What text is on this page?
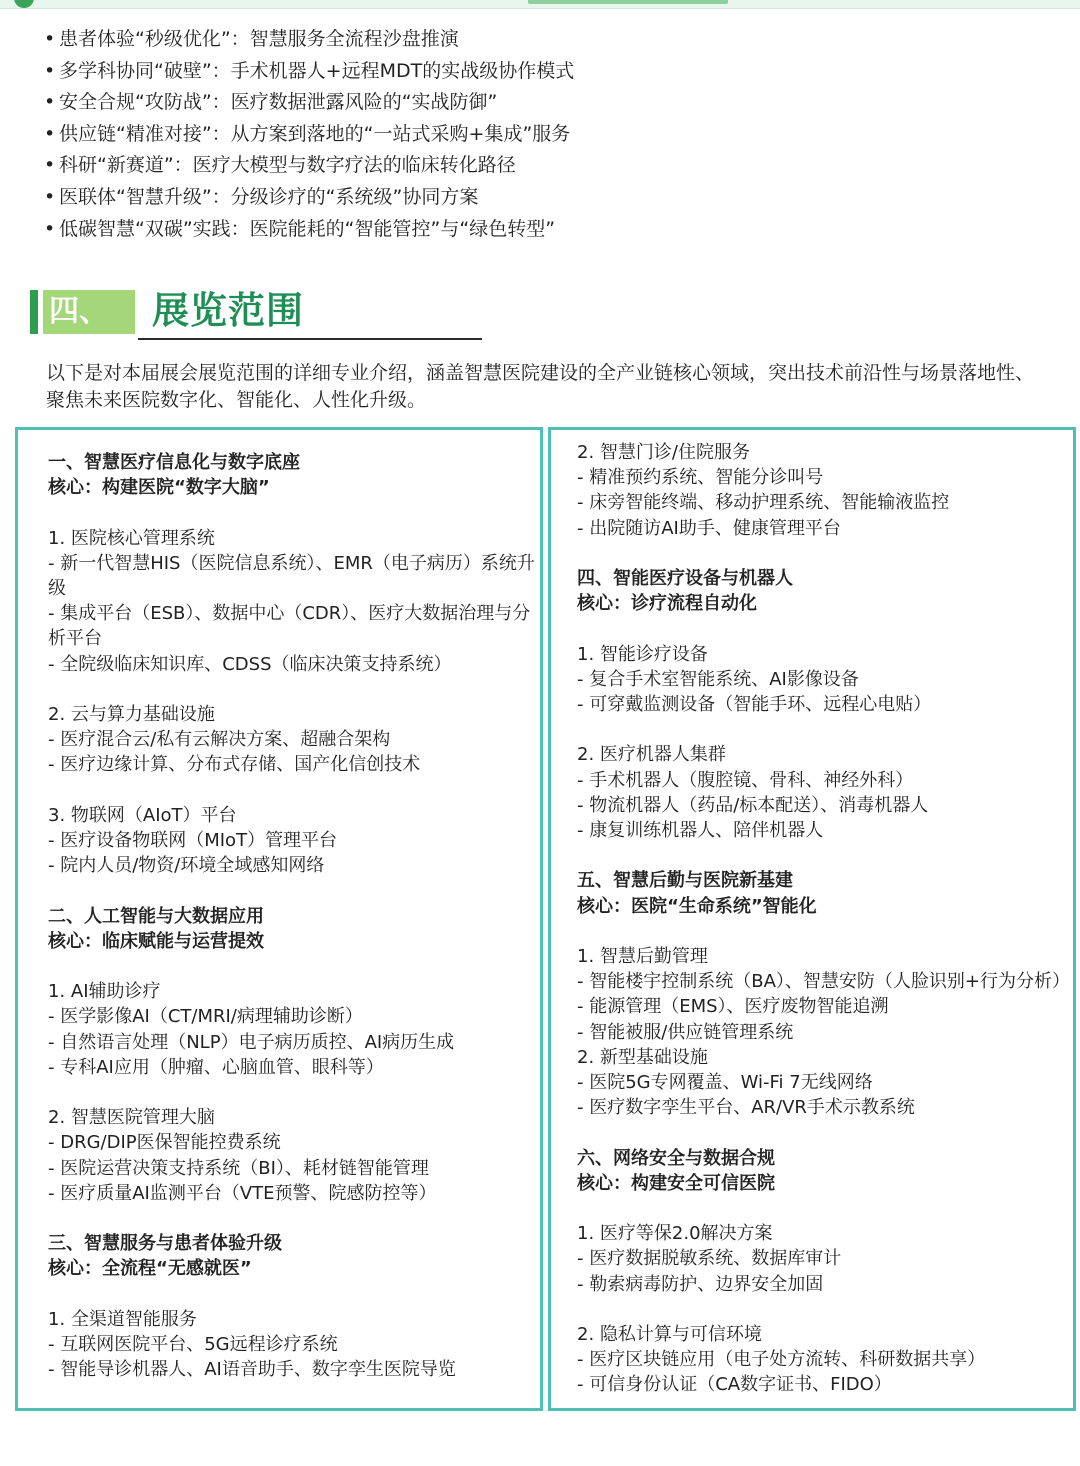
• 患者体验“秒级优化”：智慧服务全流程沙盘推演
• 多学科协同“破壁”：手术机器人+远程MDT的实战级协作模式
• 安全合规“攻防战”：医疗数据泄露风险的“实战防御”
• 供应链“精准对接”：从方案到落地的“一站式采购+集成”服务
• 科研“新赛道”：医疗大模型与数字疗法的临床转化路径
• 医联体“智慧升级”：分级诊疗的“系统级”协同方案
• 低碳智慧“双碳”实践：医院能耗的“智能管控”与“绿色转型”
四、	展览范围
以下是对本届展会展览范围的详细专业介绍，涵盖智慧医院建设的全产业链核心领域，突出技术前沿性与场景落地性、聚焦未来医院数字化、智能化、人性化升级。
一、智慧医疗信息化与数字底座
核心：构建医院“数字大脑”
1. 医院核心管理系统
- 新一代智慧HIS（医院信息系统）、EMR（电子病历）系统升级
- 集成平台（ESB）、数据中心（CDR）、医疗大数据治理与分析平台
- 全院级临床知识库、CDSS（临床决策支持系统）
2. 云与算力基础设施
- 医疗混合云/私有云解决方案、超融合架构
- 医疗边缘计算、分布式存储、国产化信创技术
3. 物联网（AIoT）平台
- 医疗设备物联网（MIoT）管理平台
- 院内人员/物资/环境全域感知网络
二、人工智能与大数据应用
核心：临床赋能与运营提效
1. AI辅助诊疗
- 医学影像AI（CT/MRI/病理辅助诊断）
- 自然语言处理（NLP）电子病历质控、AI病历生成
- 专科AI应用（肿瘤、心脑血管、眼科等）
2. 智慧医院管理大脑
- DRG/DIP医保智能控费系统
- 医院运营决策支持系统（BI）、耗材链智能管理
- 医疗质量AI监测平台（VTE预警、院感防控等）
三、智慧服务与患者体验升级
核心：全流程“无感就医”
1. 全渠道智能服务
- 互联网医院平台、5G远程诊疗系统
- 智能导诊机器人、AI语音助手、数字孪生医院导览
2. 智慧门诊/住院服务
- 精准预约系统、智能分诊叫号
- 床旁智能终端、移动护理系统、智能输液监控
- 出院随访AI助手、健康管理平台
四、智能医疗设备与机器人
核心：诊疗流程自动化
1. 智能诊疗设备
- 复合手术室智能系统、AI影像设备
- 可穿戴监测设备（智能手环、远程心电贴）
2. 医疗机器人集群
- 手术机器人（腹腔镜、骨科、神经外科）
- 物流机器人（药品/标本配送）、消毒机器人
- 康复训练机器人、陪伴机器人
五、智慧后勤与医院新基建
核心：医院“生命系统”智能化
1. 智慧后勤管理
- 智能楼宇控制系统（BA）、智慧安防（人脸识别+行为分析）
- 能源管理（EMS）、医疗废物智能追溯
- 智能被服/供应链管理系统
2. 新型基础设施
- 医院5G专网覆盖、Wi-Fi 7无线网络
- 医疗数字孪生平台、AR/VR手术示教系统
六、网络安全与数据合规
核心：构建安全可信医院
1. 医疗等保2.0解决方案
- 医疗数据脱敏系统、数据库审计
- 勒索病毒防护、边界安全加固
2. 隐私计算与可信环境
- 医疗区块链应用（电子处方流转、科研数据共享）
- 可信身份认证（CA数字证书、FIDO）
